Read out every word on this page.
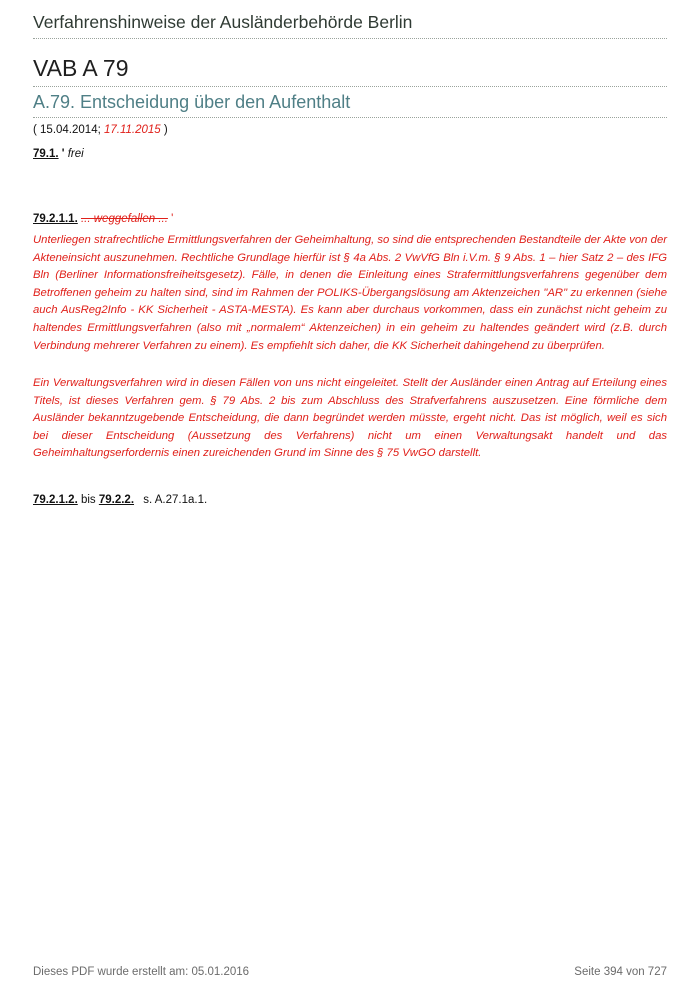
Verfahrenshinweise der Ausländerbehörde Berlin
VAB A 79
A.79. Entscheidung über den Aufenthalt
( 15.04.2014; 17.11.2015 )
79.1. ' frei
79.2.1.1. ... weggefallen ... '

Unterliegen strafrechtliche Ermittlungsverfahren der Geheimhaltung, so sind die entsprechenden Bestandteile der Akte von der Akteneinsicht auszunehmen. Rechtliche Grundlage hierfür ist § 4a Abs. 2 VwVfG Bln i.V.m. § 9 Abs. 1 – hier Satz 2 – des IFG Bln (Berliner Informationsfreiheitsgesetz). Fälle, in denen die Einleitung eines Strafermittlungsverfahrens gegenüber dem Betroffenen geheim zu halten sind, sind im Rahmen der POLIKS-Übergangslösung am Aktenzeichen "AR" zu erkennen (siehe auch AusReg2Info - KK Sicherheit - ASTA-MESTA). Es kann aber durchaus vorkommen, dass ein zunächst nicht geheim zu haltendes Ermittlungsverfahren (also mit „normalem“ Aktenzeichen) in ein geheim zu haltendes geändert wird (z.B. durch Verbindung mehrerer Verfahren zu einem). Es empfiehlt sich daher, die KK Sicherheit dahingehend zu überprüfen.

Ein Verwaltungsverfahren wird in diesen Fällen von uns nicht eingeleitet. Stellt der Ausländer einen Antrag auf Erteilung eines Titels, ist dieses Verfahren gem. § 79 Abs. 2 bis zum Abschluss des Strafverfahrens auszusetzen. Eine förmliche dem Ausländer bekanntzugebende Entscheidung, die dann begründet werden müsste, ergeht nicht. Das ist möglich, weil es sich bei dieser Entscheidung (Aussetzung des Verfahrens) nicht um einen Verwaltungsakt handelt und das Geheimhaltungserfordernis einen zureichenden Grund im Sinne des § 75 VwGO darstellt.

79.2.1.2. bis 79.2.2. s. A.27.1a.1.
Dieses PDF wurde erstellt am: 05.01.2016	Seite 394 von 727
